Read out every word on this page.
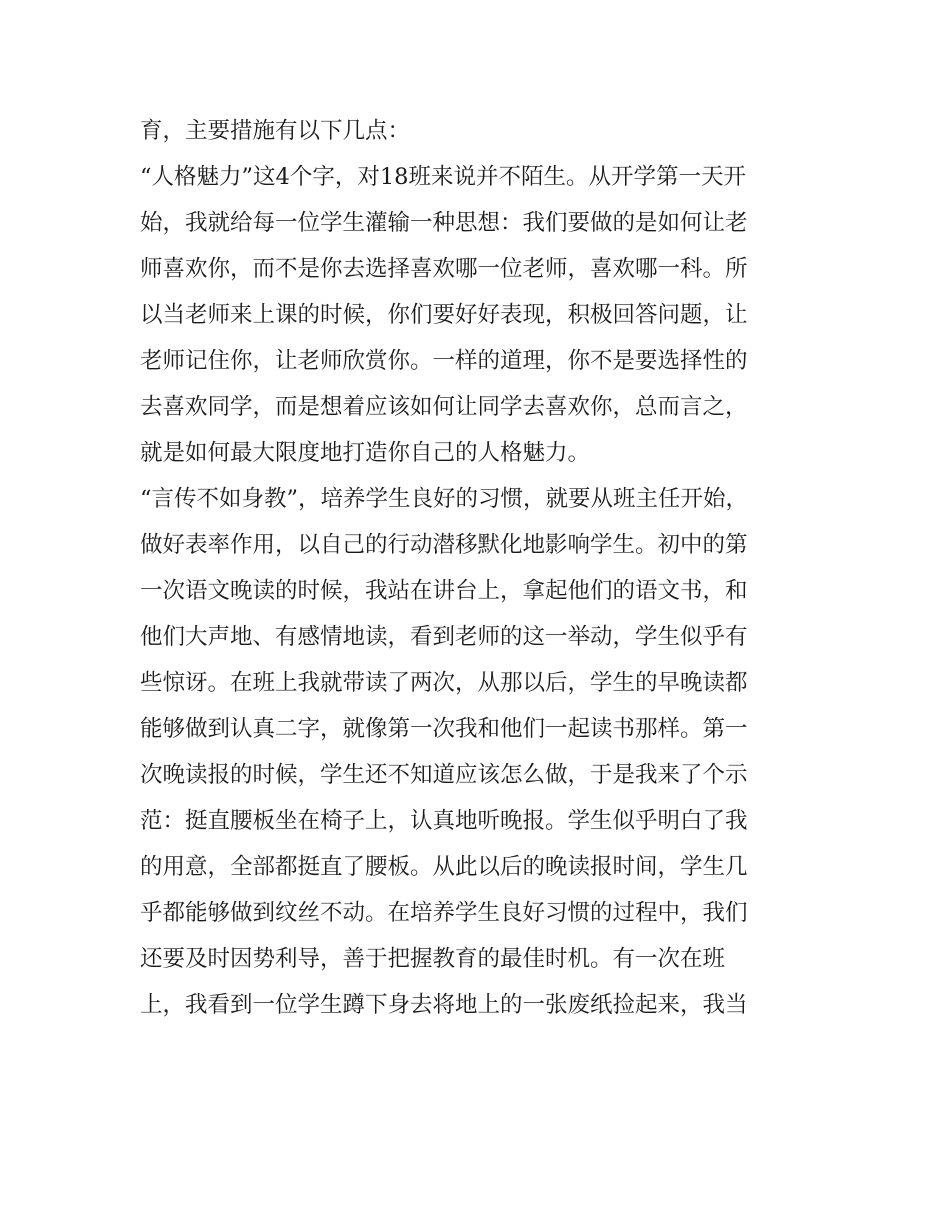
育，主要措施有以下几点：
“人格魅力”这4个字，对18班来说并不陌生。从开学第一天开
始，我就给每一位学生灌输一种思想：我们要做的是如何让老
师喜欢你，而不是你去选择喜欢哪一位老师，喜欢哪一科。所
以当老师来上课的时候，你们要好好表现，积极回答问题，让
老师记住你，让老师欣赏你。一样的道理，你不是要选择性的
去喜欢同学，而是想着应该如何让同学去喜欢你，总而言之，
就是如何最大限度地打造你自己的人格魅力。
“言传不如身教”，培养学生良好的习惯，就要从班主任开始，
做好表率作用，以自己的行动潜移默化地影响学生。初中的第
一次语文晚读的时候，我站在讲台上，拿起他们的语文书，和
他们大声地、有感情地读，看到老师的这一举动，学生似乎有
些惊讶。在班上我就带读了两次，从那以后，学生的早晚读都
能够做到认真二字，就像第一次我和他们一起读书那样。第一
次晚读报的时候，学生还不知道应该怎么做，于是我来了个示
范：挺直腰板坐在椅子上，认真地听晚报。学生似乎明白了我
的用意，全部都挺直了腰板。从此以后的晚读报时间，学生几
乎都能够做到纹丝不动。在培养学生良好习惯的过程中，我们
还要及时因势利导，善于把握教育的最佳时机。有一次在班
上，我看到一位学生蹲下身去将地上的一张废纸捡起来，我当
